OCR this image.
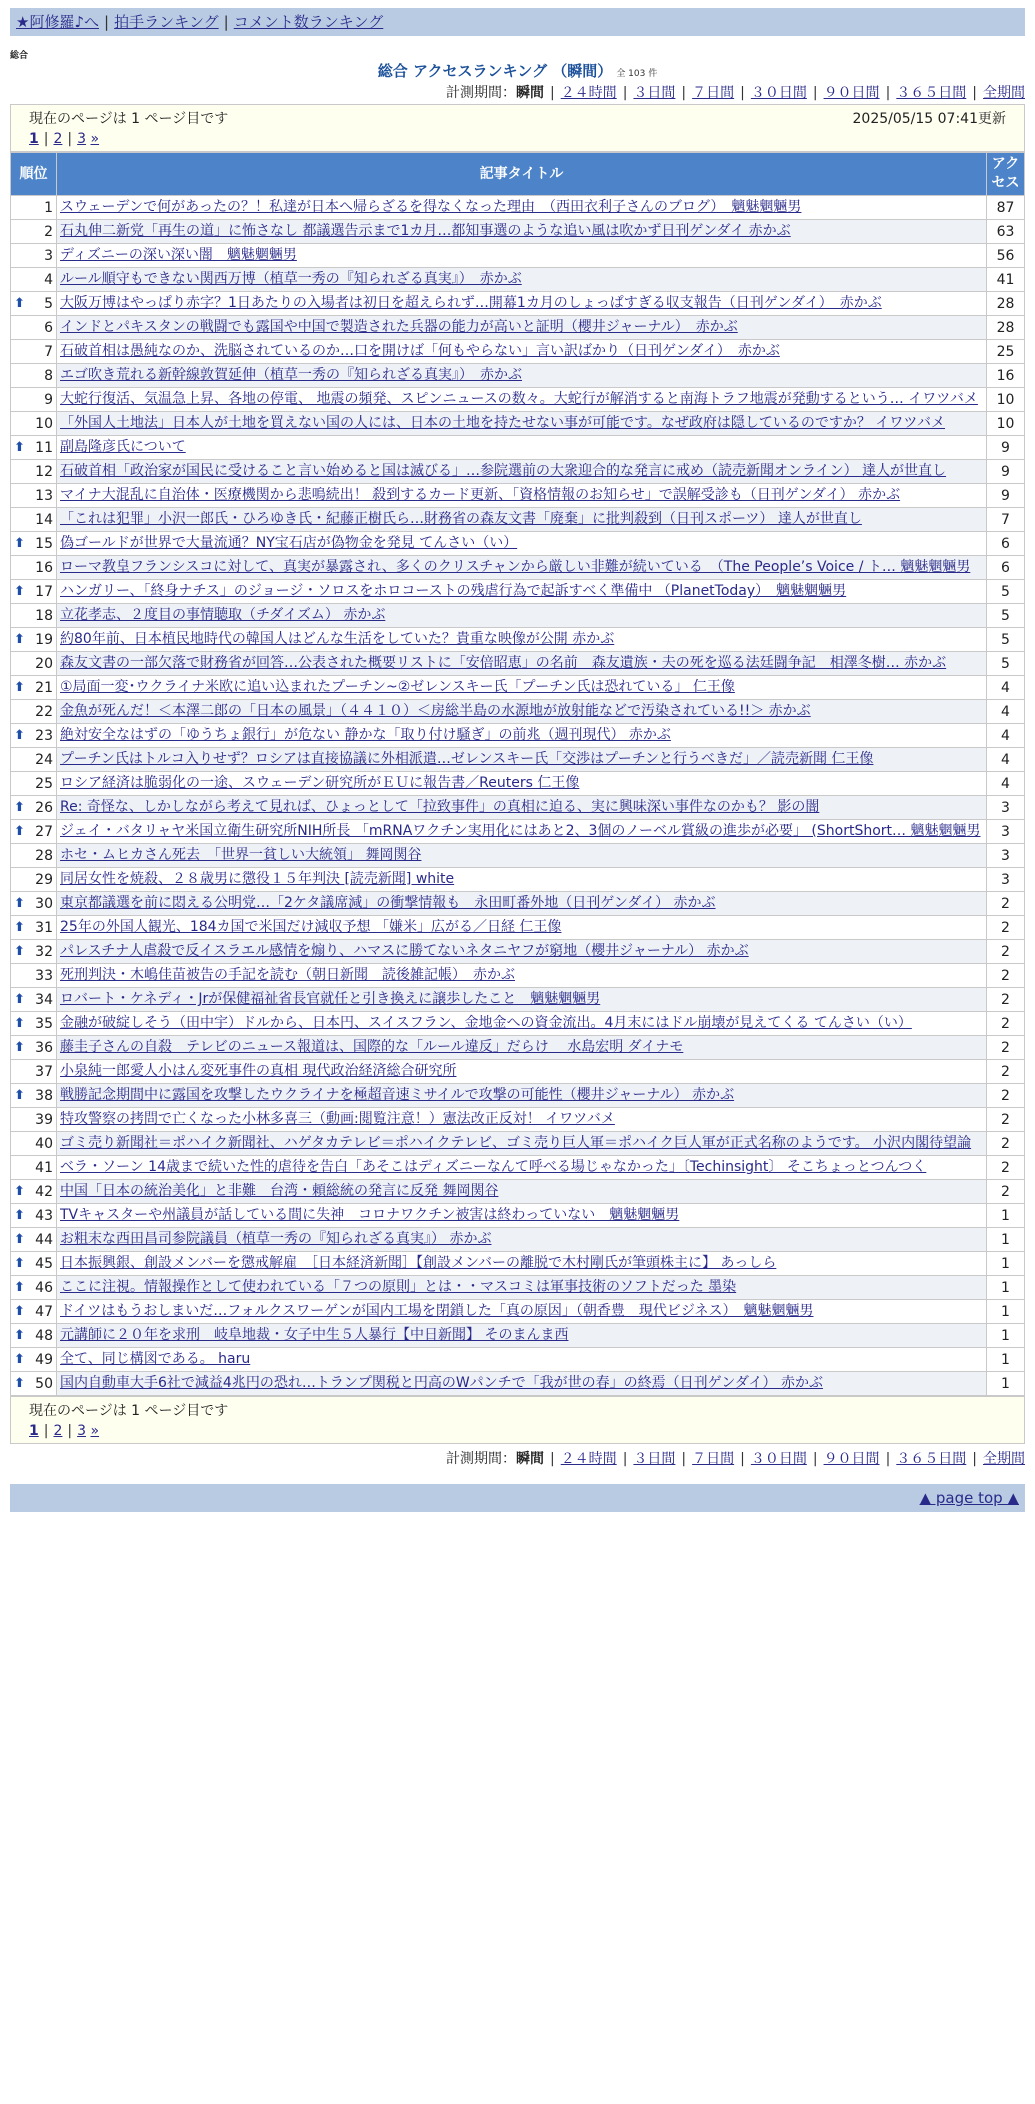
★阿修羅♪へ | 拍手ランキング | コメント数ランキング
総合
総合 アクセスランキング （瞬間） 全 103 件
計測期間：瞬間 | ２４時間 | ３日間 | ７日間 | ３０日間 | ９０日間 | ３６５日間 | 全期間
現在のページは 1 ページ目です	2025/05/15 07:41更新
1 | 2 | 3 »
順位	記事タイトル	アクセス
1	スウェーデンで何があったの？！私達が日本へ帰らざるを得なくなった理由　（西田衣利子さんのブログ）　魑魅魍魎男	87
2	石丸伸二新党「再生の道」に怖さなし 都議選告示まで1カ月…都知事選のような追い風は吹かず日刊ゲンダイ 赤かぶ	63
3	ディズニーの深い深い闇　魑魅魍魎男	56
4	ルール順守もできない関西万博（植草一秀の『知られざる真実』）　赤かぶ	41

⬆ 5	大阪万博はやっぱり赤字？1日あたりの入場者は初日を超えられず…開幕1カ月のしょっぱすぎる収支報告（日刊ゲンダイ）　赤かぶ	28
6	インドとパキスタンの戦闘でも露国や中国で製造された兵器の能力が高いと証明（櫻井ジャーナル）　赤かぶ	28
7	石破首相は愚純なのか、洗脳されているのか…口を開けば「何もやらない」言い訳ばかり（日刊ゲンダイ）　赤かぶ	25
8	エゴ吹き荒れる新幹線敦賀延伸（植草一秀の『知られざる真実』）　赤かぶ	16
9	大蛇行復活、気温急上昇、各地の停電、 地震の頻発、スピンニュースの数々。大蛇行が解消すると南海トラフ地震が発動するという… イワツバメ	10
10	「外国人土地法」日本人が土地を買えない国の人には、日本の土地を持たせない事が可能です。なぜ政府は隠しているのですか？ イワツバメ	10

⬆ 11	副島隆彦氏について	9
12	石破首相「政治家が国民に受けること言い始めると国は滅びる」…参院選前の大衆迎合的な発言に戒め（読売新聞オンライン） 達人が世直し	9
13	マイナ大混乱に自治体・医療機関から悲鳴続出！ 殺到するカード更新、「資格情報のお知らせ」で誤解受診も（日刊ゲンダイ） 赤かぶ	9
14	「これは犯罪」小沢一郎氏・ひろゆき氏・紀藤正樹氏ら…財務省の森友文書「廃棄」に批判殺到（日刊スポーツ） 達人が世直し	7

⬆ 15	偽ゴールドが世界で大量流通？NY宝石店が偽物金を発見 てんさい（い）	6
16	ローマ教皇フランシスコに対して、真実が暴露され、多くのクリスチャンから厳しい非難が続いている　（The People’s Voice / ト… 魑魅魍魎男	6

⬆ 17	ハンガリー、「終身ナチス」のジョージ・ソロスをホロコーストの残虐行為で起訴すべく準備中 （PlanetToday）　魑魅魍魎男	5
18	立花孝志、２度目の事情聴取（チダイズム） 赤かぶ	5

⬆ 19	約80年前、日本植民地時代の韓国人はどんな生活をしていた？貴重な映像が公開 赤かぶ	5
20	森友文書の一部欠落で財務省が回答…公表された概要リストに「安倍昭恵」の名前　森友遺族・夫の死を巡る法廷闘争記　相澤冬樹… 赤かぶ	5

⬆ 21	①局面一変･ウクライナ米欧に追い込まれたプーチン~②ゼレンスキー氏「プーチン氏は恐れている」 仁王像	4
22	金魚が死んだ！＜本澤二郎の「日本の風景」（４４１０）＜房総半島の水源地が放射能などで汚染されている!!＞ 赤かぶ	4

⬆ 23	絶対安全なはずの「ゆうちょ銀行」が危ない 静かな「取り付け騒ぎ」の前兆（週刊現代） 赤かぶ	4
24	プーチン氏はトルコ入りせず？ロシアは直接協議に外相派遣…ゼレンスキー氏「交渉はプーチンと行うべきだ」／読売新聞 仁王像	4
25	ロシア経済は脆弱化の一途、スウェーデン研究所がＥＵに報告書／Reuters 仁王像	4

⬆ 26	Re: 奇怪な、しかしながら考えて見れば、ひょっとして「拉致事件」の真相に迫る、実に興味深い事件なのかも？ 影の闇	3

⬆ 27	ジェイ・バタリャヤ米国立衛生研究所NIH所長 「mRNAワクチン実用化にはあと2、3個のノーベル賞級の進歩が必要」 (ShortShort… 魑魅魍魎男	3
28	ホセ・ムヒカさん死去　「世界一貧しい大統領」 舞岡関谷	3
29	同居女性を焼殺、２８歳男に懲役１５年判決 [読売新聞] white	3

⬆ 30	東京都議選を前に悶える公明党…「2ケタ議席減」の衝撃情報も　永田町番外地（日刊ゲンダイ） 赤かぶ	2

⬆ 31	25年の外国人観光、184カ国で米国だけ減収予想 「嫌米」広がる／日経 仁王像	2

⬆ 32	パレスチナ人虐殺で反イスラエル感情を煽り、ハマスに勝てないネタニヤフが窮地（櫻井ジャーナル） 赤かぶ	2
33	死刑判決・木嶋佳苗被告の手記を読む（朝日新聞　読後雑記帳）　赤かぶ	2

⬆ 34	ロバート・ケネディ・Jrが保健福祉省長官就任と引き換えに譲歩したこと　魑魅魍魎男	2

⬆ 35	金融が破綻しそう（田中宇）ドルから、日本円、スイスフラン、金地金への資金流出。4月末にはドル崩壊が見えてくる てんさい（い）	2

⬆ 36	藤圭子さんの自殺　テレビのニュース報道は、国際的な「ルール違反」だらけ　 水島宏明 ダイナモ	2
37	小泉純一郎愛人小はん変死事件の真相 現代政治経済総合研究所	2

⬆ 38	戦勝記念期間中に露国を攻撃したウクライナを極超音速ミサイルで攻撃の可能性（櫻井ジャーナル） 赤かぶ	2
39	特攻警察の拷問で亡くなった小林多喜三（動画:閲覧注意！）憲法改正反対！ イワツバメ	2
40	ゴミ売り新聞社＝ポハイク新聞社、ハゲタカテレビ＝ポハイクテレビ、ゴミ売り巨人軍＝ポハイク巨人軍が正式名称のようです。 小沢内閣待望論	2
41	ベラ・ソーン 14歳まで続いた性的虐待を告白「あそこはディズニーなんて呼べる場じゃなかった」〔Techinsight〕 そこちょっとつんつく	2

⬆ 42	中国「日本の統治美化」と非難　台湾・頼総統の発言に反発 舞岡関谷	2

⬆ 43	TVキャスターや州議員が話している間に失神　コロナワクチン被害は終わっていない　魑魅魍魎男	1

⬆ 44	お粗末な西田昌司参院議員（植草一秀の『知られざる真実』） 赤かぶ	1

⬆ 45	日本振興銀、創設メンバーを懲戒解雇　［日本経済新聞］【創設メンバーの離脱で木村剛氏が筆頭株主に】 あっしら	1

⬆ 46	ここに注視。情報操作として使われている「７つの原則」とは・・マスコミは軍事技術のソフトだった 墨染	1

⬆ 47	ドイツはもうおしまいだ…フォルクスワーゲンが国内工場を閉鎖した「真の原因」（朝香豊　現代ビジネス）　魑魅魍魎男	1

⬆ 48	元講師に２０年を求刑　岐阜地裁・女子中生５人暴行【中日新聞】 そのまんま西	1

⬆ 49	全て、同じ構図である。 haru	1

⬆ 50	国内自動車大手6社で減益4兆円の恐れ…トランプ関税と円高のWパンチで「我が世の春」の終焉（日刊ゲンダイ） 赤かぶ	1
現在のページは 1 ページ目です
1 | 2 | 3 »
計測期間：瞬間 | ２４時間 | ３日間 | ７日間 | ３０日間 | ９０日間 | ３６５日間 | 全期間
▲ page top ▲
